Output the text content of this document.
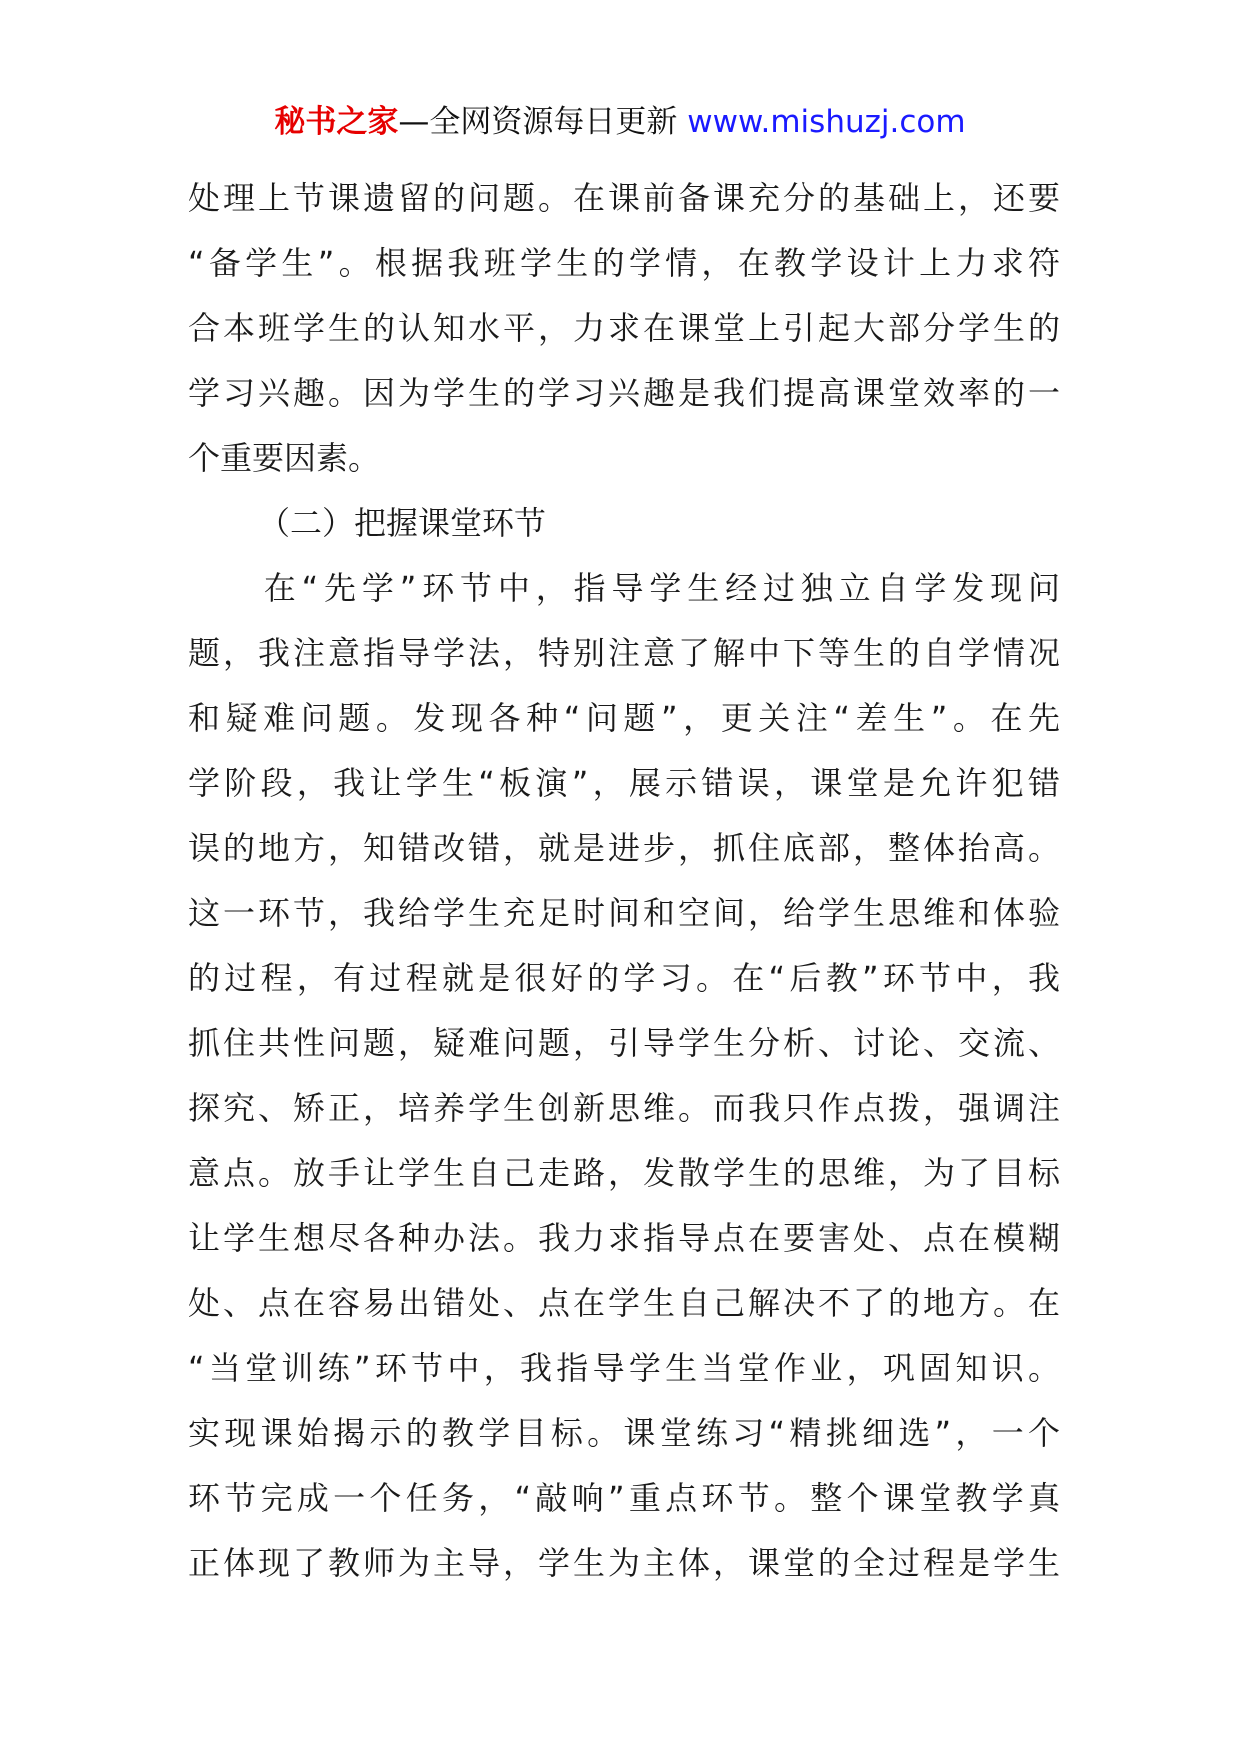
秘书之家—全网资源每日更新 www.mishuzj.com
处理上节课遗留的问题。在课前备课充分的基础上，还要
“备学生”。根据我班学生的学情，在教学设计上力求符
合本班学生的认知水平，力求在课堂上引起大部分学生的
学习兴趣。因为学生的学习兴趣是我们提高课堂效率的一
个重要因素。
（二）把握课堂环节
　　在“先学”环节中，指导学生经过独立自学发现问
题，我注意指导学法，特别注意了解中下等生的自学情况
和疑难问题。发现各种“问题”，更关注“差生”。在先
学阶段，我让学生“板演”，展示错误，课堂是允许犯错
误的地方，知错改错，就是进步，抓住底部，整体抬高。
这一环节，我给学生充足时间和空间，给学生思维和体验
的过程，有过程就是很好的学习。在“后教”环节中，我
抓住共性问题，疑难问题，引导学生分析、讨论、交流、
探究、矫正，培养学生创新思维。而我只作点拨，强调注
意点。放手让学生自己走路，发散学生的思维，为了目标
让学生想尽各种办法。我力求指导点在要害处、点在模糊
处、点在容易出错处、点在学生自己解决不了的地方。在
“当堂训练”环节中，我指导学生当堂作业，巩固知识。
实现课始揭示的教学目标。课堂练习“精挑细选”，一个
环节完成一个任务，“敲响”重点环节。整个课堂教学真
正体现了教师为主导，学生为主体，课堂的全过程是学生
